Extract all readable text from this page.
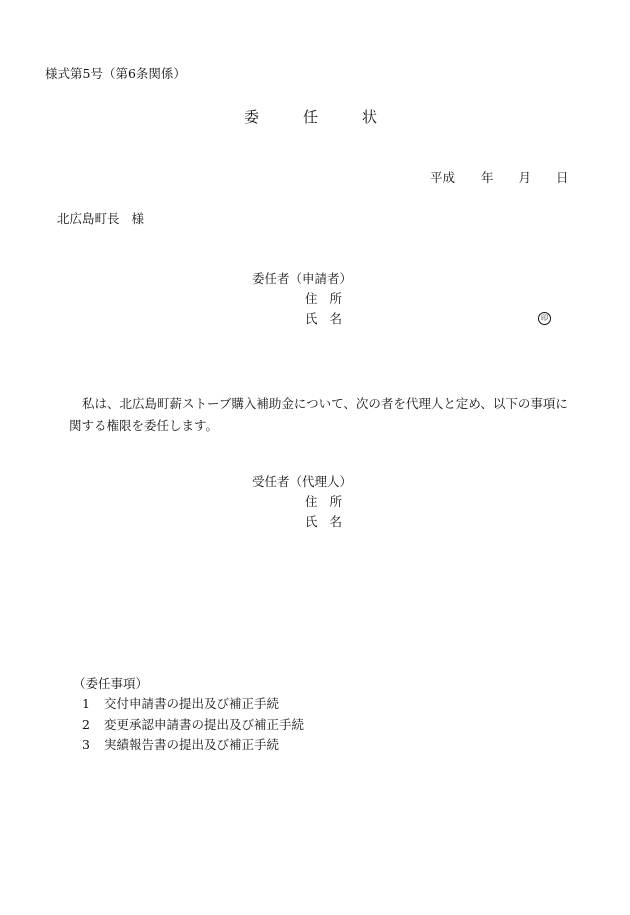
様式第5号（第6条関係）
委	任	状
平成 年 月 日
北広島町長 様
委任者（申請者）
住 所
氏 名	印
私は、北広島町薪ストーブ購入補助金について、次の者を代理人と定め、以下の事項に関する権限を委任します。
受任者（代理人）
住 所
氏 名
（委任事項）
1 交付申請書の提出及び補正手続
2 変更承認申請書の提出及び補正手続
3 実績報告書の提出及び補正手続
